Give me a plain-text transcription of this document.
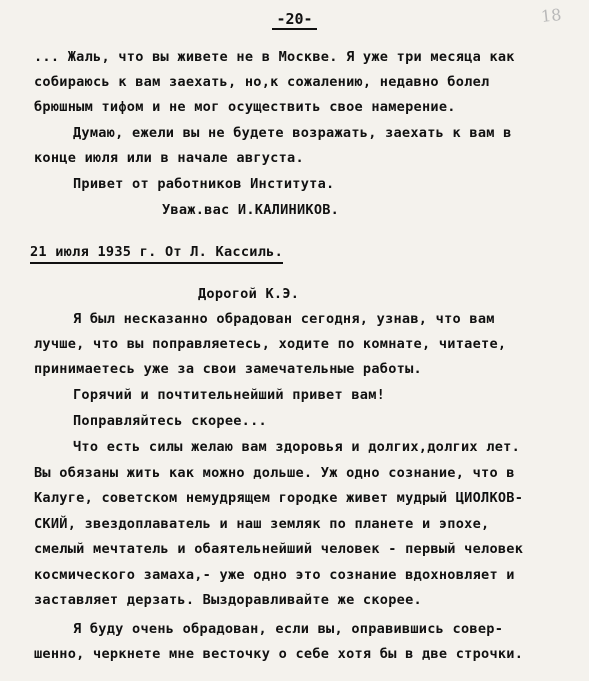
-20-	18
... Жаль, что вы живете не в Москве. Я уже три месяца как
собираюсь к вам заехать, но,к сожалению, недавно болел
брюшным тифом и не мог осуществить свое намерение.
Думаю, ежели вы не будете возражать, заехать к вам в
конце июля или в начале августа.
Привет от работников Института.
Уваж.вас И.КАЛИНИКОВ.
21 июля 1935 г. От Л. Кассиль.
Дорогой К.Э.
Я был несказанно обрадован сегодня, узнав, что вам
лучше, что вы поправляетесь, ходите по комнате, читаете,
принимаетесь уже за свои замечательные работы.
Горячий и почтительнейший привет вам!
Поправляйтесь скорее...
Что есть силы желаю вам здоровья и долгих,долгих лет.
Вы обязаны жить как можно дольше. Уж одно сознание, что в
Калуге, советском немудрящем городке живет мудрый ЦИОЛКОВ-
СКИЙ, звездоплаватель и наш земляк по планете и эпохе,
смелый мечтатель и обаятельнейший человек - первый человек
космического замаха,- уже одно это сознание вдохновляет и
заставляет дерзать. Выздоравливайте же скорее.
Я буду очень обрадован, если вы, оправившись совер-
шенно, черкнете мне весточку о себе хотя бы в две строчки.
